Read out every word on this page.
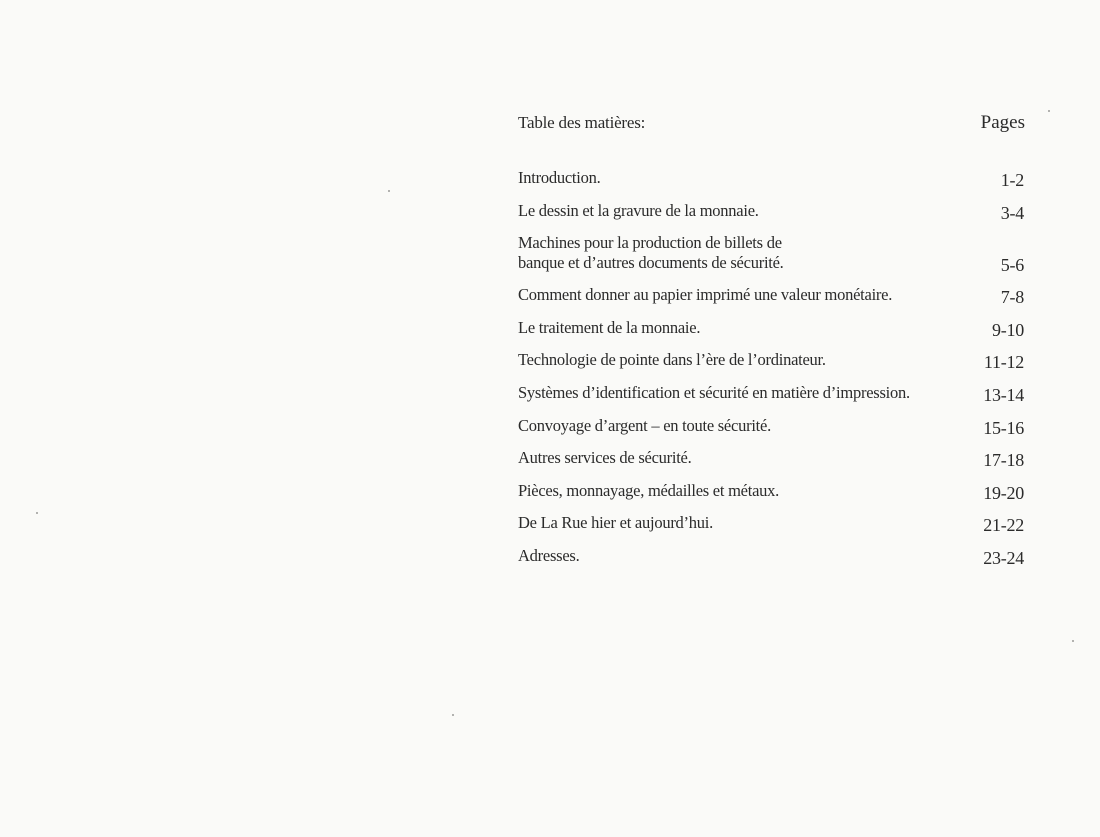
Table des matières:	Pages
Introduction.	1-2
Le dessin et la gravure de la monnaie.	3-4
Machines pour la production de billets de
banque et d’autres documents de sécurité.	5-6
Comment donner au papier imprimé une valeur monétaire.	7-8
Le traitement de la monnaie.	9-10
Technologie de pointe dans l’ère de l’ordinateur.	11-12
Systèmes d’identification et sécurité en matière d’impression.	13-14
Convoyage d’argent – en toute sécurité.	15-16
Autres services de sécurité.	17-18
Pièces, monnayage, médailles et métaux.	19-20
De La Rue hier et aujourd’hui.	21-22
Adresses.	23-24
